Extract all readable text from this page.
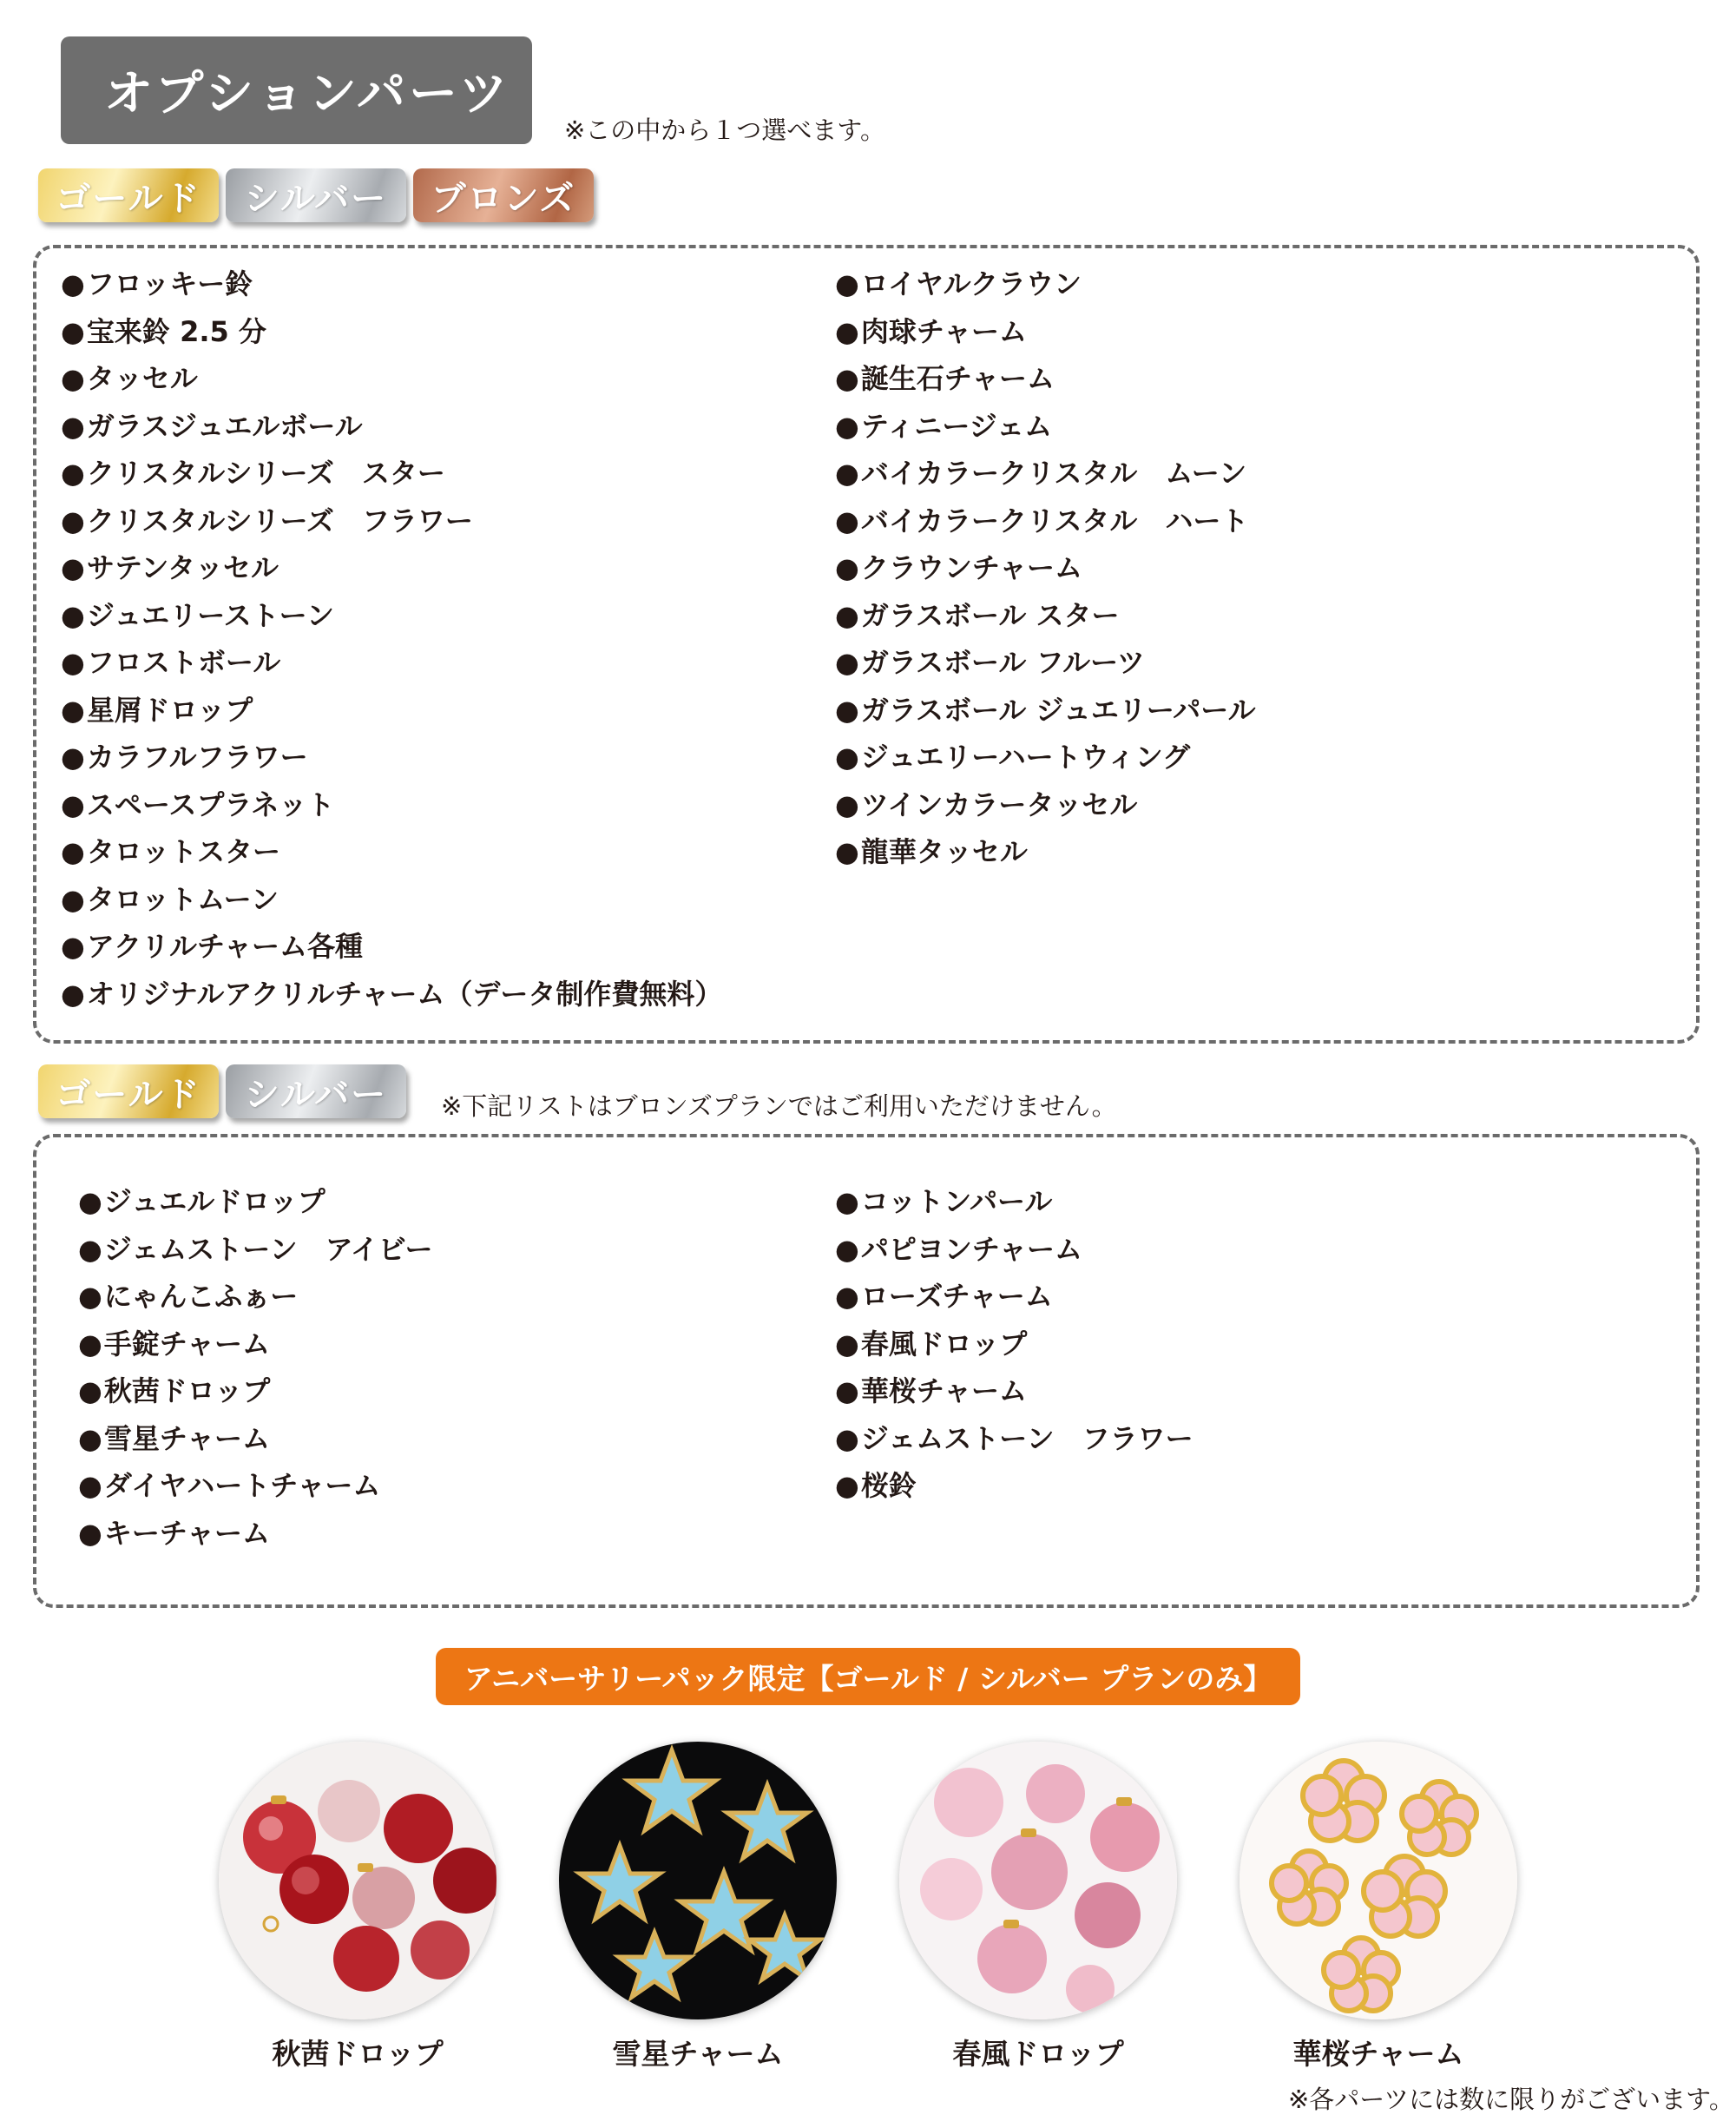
オプションパーツ
※この中から１つ選べます。
ゴールド	シルバー	ブロンズ
● フロッキー鈴
● 宝来鈴 2.5 分
● タッセル
● ガラスジュエルボール
● クリスタルシリーズ　スター
● クリスタルシリーズ　フラワー
● サテンタッセル
● ジュエリーストーン
● フロストボール
● 星屑ドロップ
● カラフルフラワー
● スペースプラネット
● タロットスター
● タロットムーン
● アクリルチャーム各種
● オリジナルアクリルチャーム（データ制作費無料）
● ロイヤルクラウン
● 肉球チャーム
● 誕生石チャーム
● ティニージェム
● バイカラークリスタル　ムーン
● バイカラークリスタル　ハート
● クラウンチャーム
● ガラスボール スター
● ガラスボール フルーツ
● ガラスボール ジュエリーパール
● ジュエリーハートウィング
● ツインカラータッセル
● 龍華タッセル
ゴールド	シルバー	※下記リストはブロンズプランではご利用いただけません。
● ジュエルドロップ
● ジェムストーン　アイビー
● にゃんこふぁー
● 手錠チャーム
● 秋茜ドロップ
● 雪星チャーム
● ダイヤハートチャーム
● キーチャーム
● コットンパール
● パピヨンチャーム
● ローズチャーム
● 春風ドロップ
● 華桜チャーム
● ジェムストーン　フラワー
● 桜鈴
アニバーサリーパック限定【ゴールド / シルバー プランのみ】
秋茜ドロップ	雪星チャーム	春風ドロップ	華桜チャーム
※各パーツには数に限りがございます。
